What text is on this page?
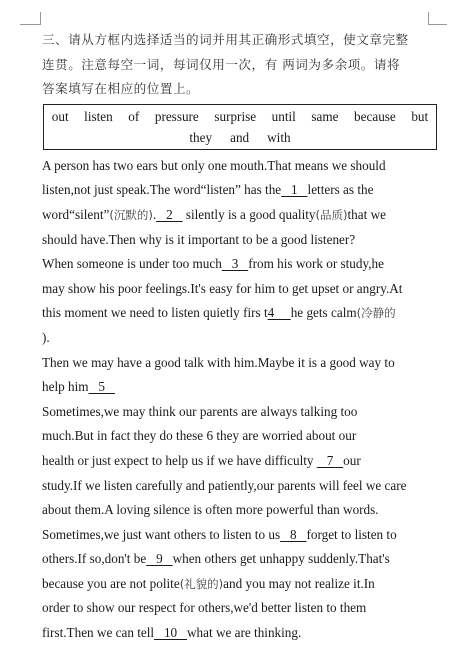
三、请从方框内选择适当的词并用其正确形式填空，使文章完整
连贯。注意每空一词，每词仅用一次，有 两词为多余项。请将
答案填写在相应的位置上。
out listen of pressure surprise until same because but
they and with
A person has two ears but only one mouth.That means we should
listen,not just speak.The word“listen” has the   1   letters as the
word“silent”(沉默的).   2    silently is a good quality(品质)that we
should have.Then why is it important to be a good listener?
When someone is under too much   3   from his work or study,he
may show his poor feelings.It's easy for him to get upset or angry.At
this moment we need to listen quietly firs t4     he gets calm(冷静的
).
Then we may have a good talk with him.Maybe it is a good way to
help him   5
Sometimes,we may think our parents are always talking too
much.But in fact they do these 6 they are worried about our
health or just expect to help us if we have difficulty    7   our
study.If we listen carefully and patiently,our parents will feel we care
about them.A loving silence is often more powerful than words.
Sometimes,we just want others to listen to us   8   forget to listen to
others.If so,don't be   9   when others get unhappy suddenly.That's
because you are not polite(礼貌的)and you may not realize it.In
order to show our respect for others,we'd better listen to them
first.Then we can tell   10   what we are thinking.
